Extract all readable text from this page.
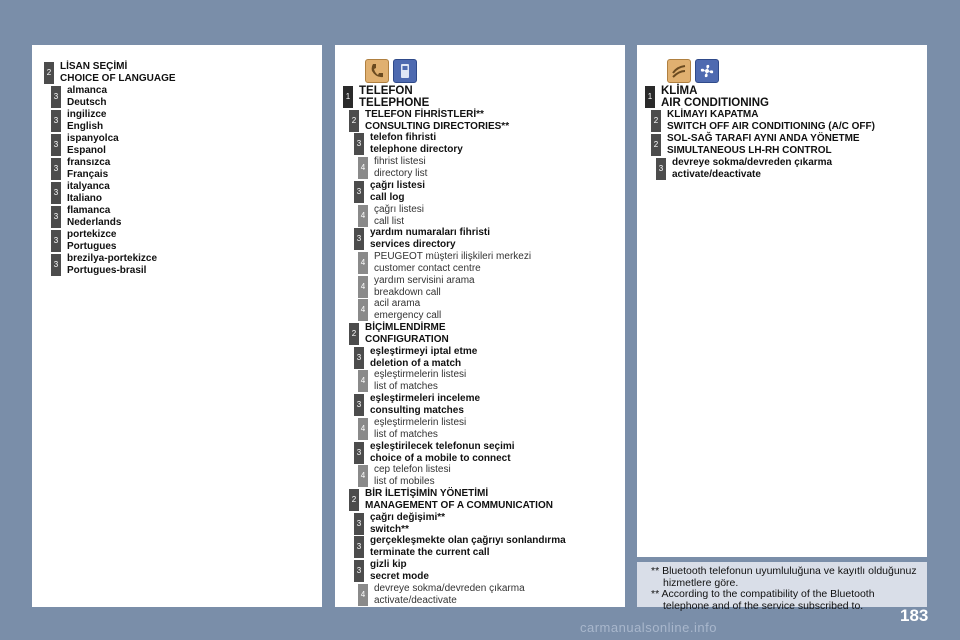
2
LİSAN SEÇİMİ
CHOICE OF LANGUAGE
3
almanca
Deutsch
3
ingilizce
English
3
ispanyolca
Espanol
3
fransızca
Français
3
italyanca
Italiano
3
flamanca
Nederlands
3
portekizce
Portugues
3
brezilya-portekizce
Portugues-brasil
1 TELEFON
TELEPHONE
2
TELEFON FİHRİSTLERİ**
CONSULTING DIRECTORIES**
3
telefon fihristi
telephone directory
4
fihrist listesi
directory list
3
çağrı listesi
call log
4
çağrı listesi
call list
3
yardım numaraları fihristi
services directory
4
PEUGEOT müşteri ilişkileri merkezi
customer contact centre
4
yardım servisini arama
breakdown call
4
acil arama
emergency call
2
BİÇİMLENDİRME
CONFIGURATION
3
eşleştirmeyi iptal etme
deletion of a match
4
eşleştirmelerin listesi
list of matches
3
eşleştirmeleri inceleme
consulting matches
4
eşleştirmelerin listesi
list of matches
3
eşleştirilecek telefonun seçimi
choice of a mobile to connect
4
cep telefon listesi
list of mobiles
2
BİR İLETİŞİMİN YÖNETİMİ
MANAGEMENT OF A COMMUNICATION
3
çağrı değişimi**
switch**
3
gerçekleşmekte olan çağrıyı sonlandırma
terminate the current call
3
gizli kip
secret mode
4
devreye sokma/devreden çıkarma
activate/deactivate
1 KLİMA
AIR CONDITIONING
2
KLİMAYI KAPATMA
SWITCH OFF AIR CONDITIONING (A/C OFF)
2
SOL-SAĞ TARAFI AYNI ANDA YÖNETME
SIMULTANEOUS LH-RH CONTROL
3
devreye sokma/devreden çıkarma
activate/deactivate
** Bluetooth telefonun uyumluluğuna ve kayıtlı olduğunuz
hizmetlere göre.
** According to the compatibility of the Bluetooth
telephone and of the service subscribed to.	183
carmanualsonline.info
